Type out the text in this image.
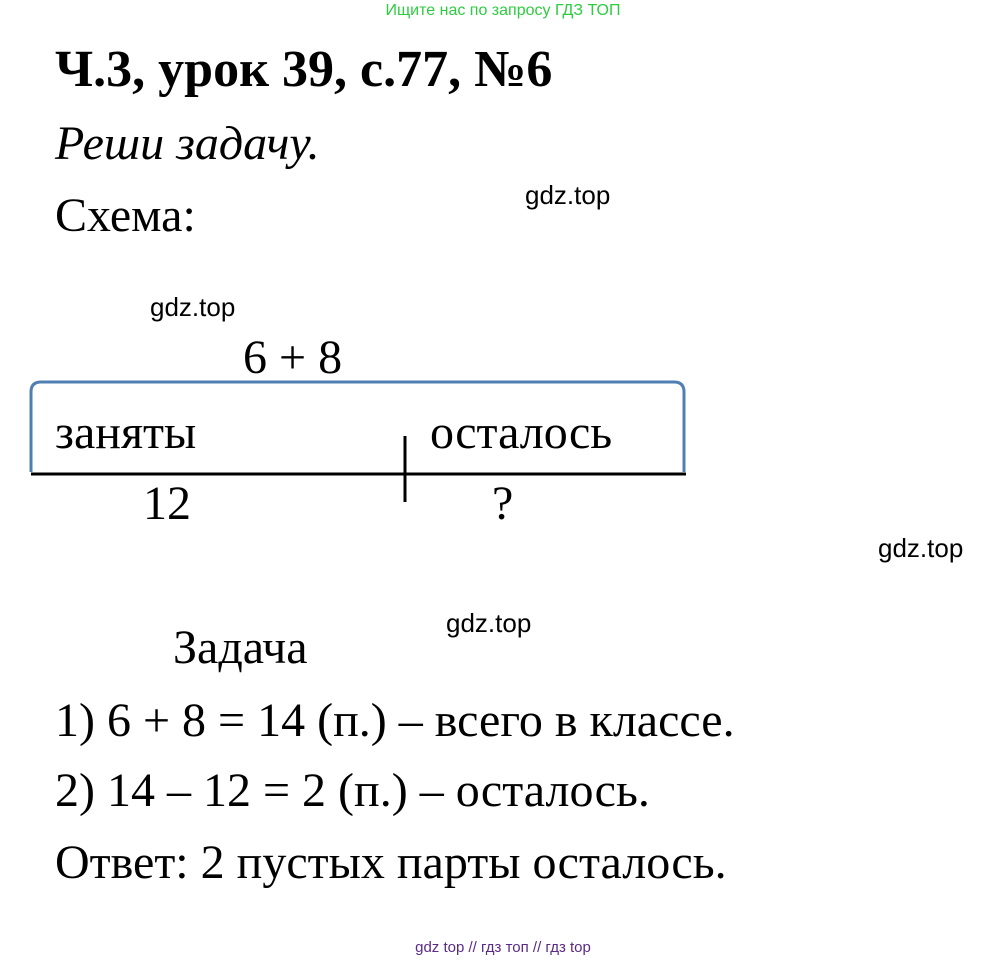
Ищите нас по запросу ГДЗ ТОП
Ч.3, урок 39, с.77, №6
Реши задачу.
Схема:	gdz.top
gdz.top
gdz.top
gdz.top
6 + 8
заняты	осталось
12	?
Задача
1) 6 + 8 = 14 (п.) – всего в классе.
2) 14 – 12 = 2 (п.) – осталось.
Ответ: 2 пустых парты осталось.
gdz top // гдз топ // гдз top
